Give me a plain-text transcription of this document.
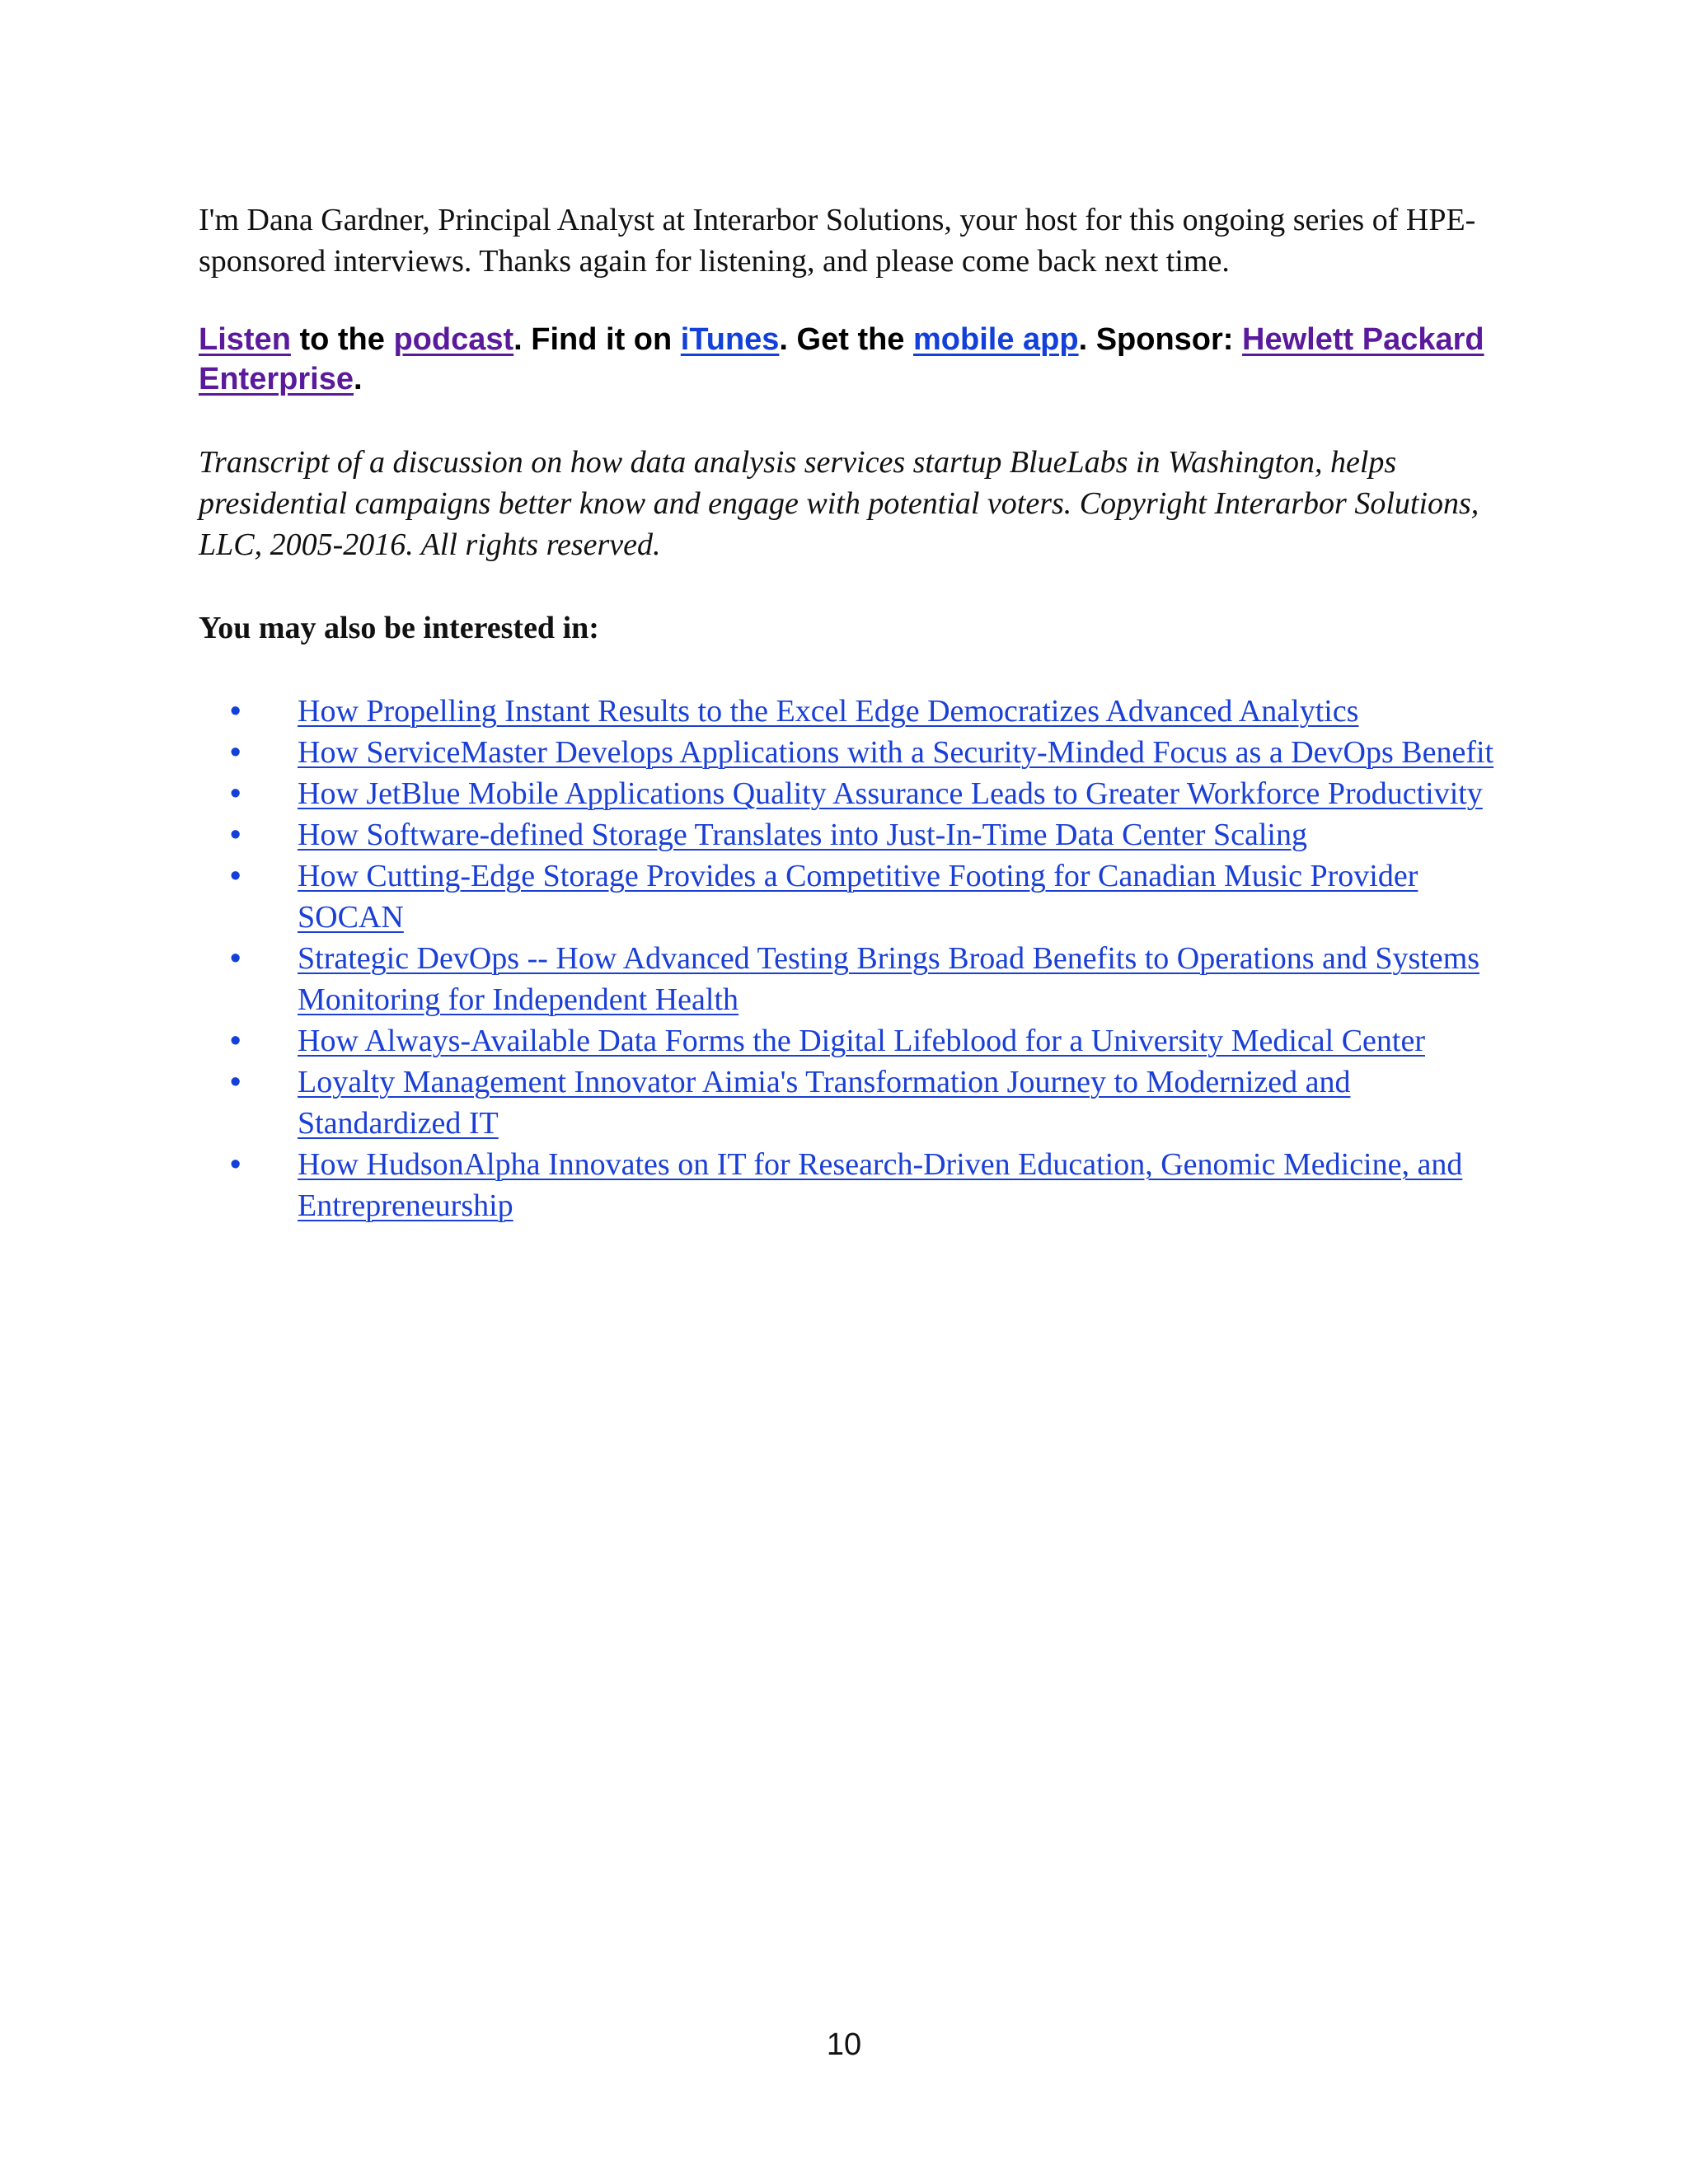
I'm Dana Gardner, Principal Analyst at Interarbor Solutions, your host for this ongoing series of HPE-sponsored interviews. Thanks again for listening, and please come back next time.

Listen to the podcast. Find it on iTunes. Get the mobile app. Sponsor: Hewlett Packard Enterprise.

Transcript of a discussion on how data analysis services startup BlueLabs in Washington, helps presidential campaigns better know and engage with potential voters. Copyright Interarbor Solutions, LLC, 2005-2016. All rights reserved.

You may also be interested in:

• How Propelling Instant Results to the Excel Edge Democratizes Advanced Analytics
• How ServiceMaster Develops Applications with a Security-Minded Focus as a DevOps Benefit
• How JetBlue Mobile Applications Quality Assurance Leads to Greater Workforce Productivity
• How Software-defined Storage Translates into Just-In-Time Data Center Scaling
• How Cutting-Edge Storage Provides a Competitive Footing for Canadian Music Provider SOCAN
• Strategic DevOps -- How Advanced Testing Brings Broad Benefits to Operations and Systems Monitoring for Independent Health
• How Always-Available Data Forms the Digital Lifeblood for a University Medical Center
• Loyalty Management Innovator Aimia's Transformation Journey to Modernized and Standardized IT
• How HudsonAlpha Innovates on IT for Research-Driven Education, Genomic Medicine, and Entrepreneurship
10
